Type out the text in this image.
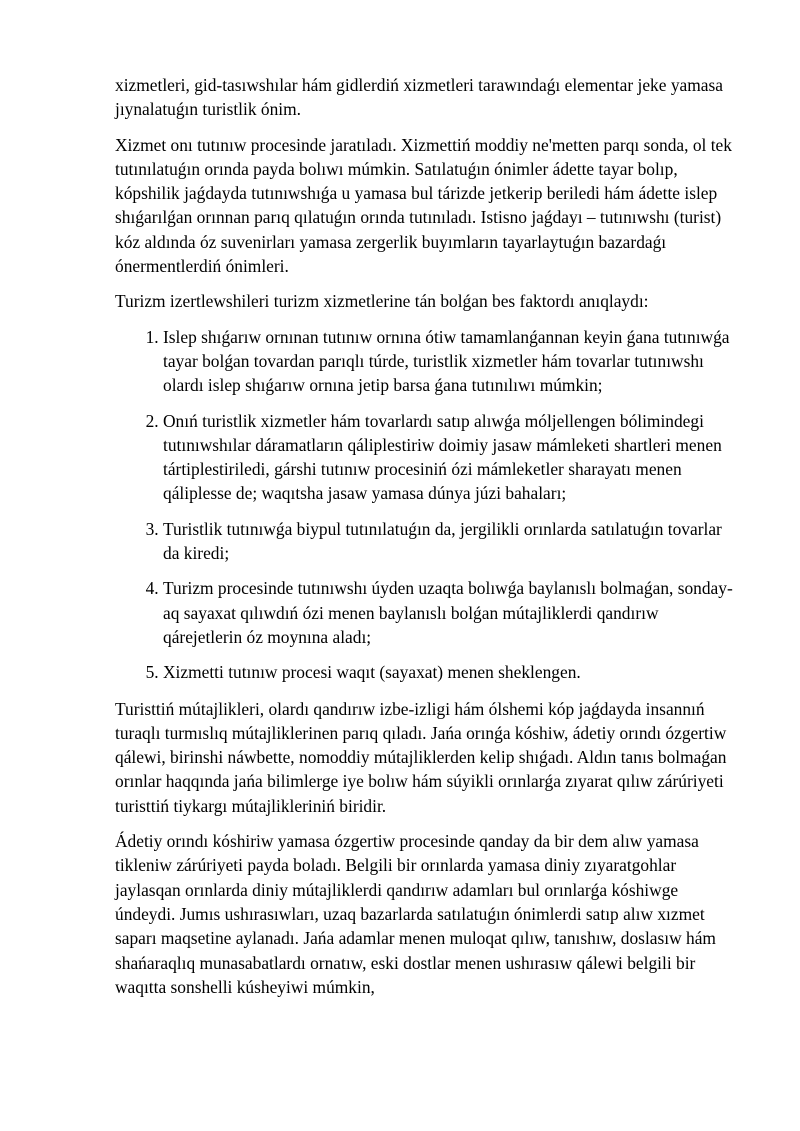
xizmetleri, gid-tasıwshılar hám gidlerdiń xizmetleri tarawındaǵı elementar jeke yamasa jıynalatuǵın turistlik ónim.

Xizmet onı tutınıw procesinde jaratıladı. Xizmettiń moddiy ne'metten parqı sonda, ol tek tutınılatuǵın orında payda bolıwı múmkin. Satılatuǵın ónimler ádette tayar bolıp, kópshilik jaǵdayda tutınıwshıǵa u yamasa bul tárizde jetkerip beriledi hám ádette islep shıǵarılǵan orınnan parıq qılatuǵın orında tutınıladı. Istisno jaǵdayı – tutınıwshı (turist) kóz aldında óz suvenirları yamasa zergerlik buyımların tayarlaytuǵın bazardaǵı ónermentlerdiń ónimleri.

Turizm izertlewshileri turizm xizmetlerine tán bolǵan bes faktordı anıqlaydı:

1. Islep shıǵarıw ornınan tutınıw ornına ótiw tamamlanǵannan keyin ǵana tutınıwǵa tayar bolǵan tovardan parıqlı túrde, turistlik xizmetler hám tovarlar tutınıwshı olardı islep shıǵarıw ornına jetip barsa ǵana tutınılıwı múmkin;
2. Onıń turistlik xizmetler hám tovarlardı satıp alıwǵa móljellengen bólimindegi tutınıwshılar dáramatların qáliplestiriw doimiy jasaw mámleketi shartleri menen tártiplestiriledi, gárshi tutınıw procesiniń ózi mámleketler sharayatı menen qáliplesse de; waqıtsha jasaw yamasa dúnya júzi bahaları;
3. Turistlik tutınıwǵa biypul tutınılatuǵın da, jergilikli orınlarda satılatuǵın tovarlar da kiredi;
4. Turizm procesinde tutınıwshı úyden uzaqta bolıwǵa baylanıslı bolmaǵan, sonday-aq sayaxat qılıwdıń ózi menen baylanıslı bolǵan mútajliklerdi qandırıw qárejetlerin óz moynına aladı;
5. Xizmetti tutınıw procesi waqıt (sayaxat) menen sheklengen.

Turisttiń mútajlikleri, olardı qandırıw izbe-izligi hám ólshemi kóp jaǵdayda insannıń turaqlı turmıslıq mútajliklerinen parıq qıladı. Jańa orınǵa kóshiw, ádetiy orındı ózgertiw qálewi, birinshi náwbette, nomoddiy mútajliklerden kelip shıǵadı. Aldın tanıs bolmaǵan orınlar haqqında jańa bilimlerge iye bolıw hám súyikli orınlarǵa zıyarat qılıw zárúriyeti turisttiń tiykargı mútajlikleriniń biridir.

Ádetiy orındı kóshiriw yamasa ózgertiw procesinde qanday da bir dem alıw yamasa tikleniw zárúriyeti payda boladı. Belgili bir orınlarda yamasa diniy zıyaratgohlar jaylasqan orınlarda diniy mútajliklerdi qandırıw adamları bul orınlarǵa kóshiwge úndeydi. Jumıs ushırasıwları, uzaq bazarlarda satılatuǵın ónimlerdi satıp alıw xızmet saparı maqsetine aylanadı. Jańa adamlar menen muloqat qılıw, tanıshıw, doslasıw hám shańaraqlıq munasabatlardı ornatıw, eski dostlar menen ushırasıw qálewi belgili bir waqıtta sonshelli kúsheyiwi múmkin,
